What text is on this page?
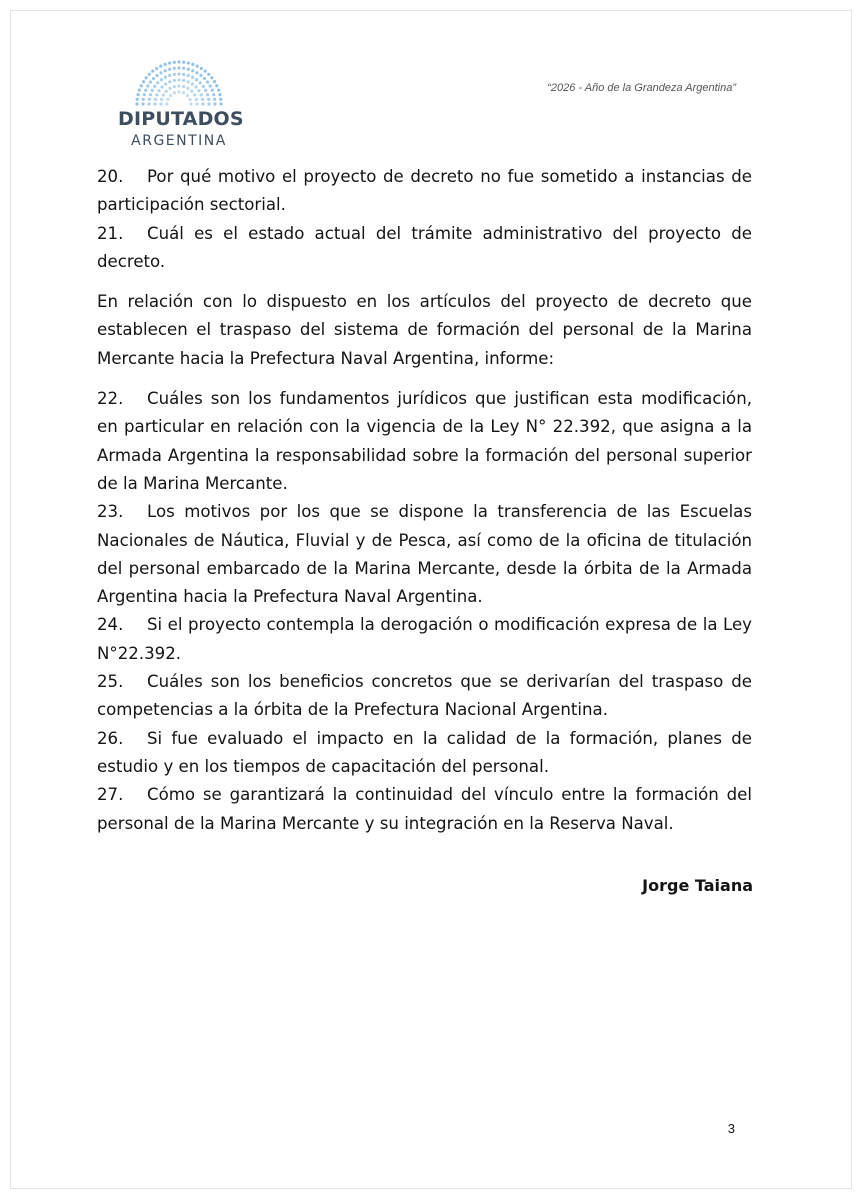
DIPUTADOS
ARGENTINA
“2026 - Año de la Grandeza Argentina”

20. Por qué motivo el proyecto de decreto no fue sometido a instancias de participación sectorial.

21. Cuál es el estado actual del trámite administrativo del proyecto de decreto.

En relación con lo dispuesto en los artículos del proyecto de decreto que establecen el traspaso del sistema de formación del personal de la Marina Mercante hacia la Prefectura Naval Argentina, informe:

22. Cuáles son los fundamentos jurídicos que justifican esta modificación, en particular en relación con la vigencia de la Ley N° 22.392, que asigna a la Armada Argentina la responsabilidad sobre la formación del personal superior de la Marina Mercante.

23. Los motivos por los que se dispone la transferencia de las Escuelas Nacionales de Náutica, Fluvial y de Pesca, así como de la oficina de titulación del personal embarcado de la Marina Mercante, desde la órbita de la Armada Argentina hacia la Prefectura Naval Argentina.

24. Si el proyecto contempla la derogación o modificación expresa de la Ley N°22.392.

25. Cuáles son los beneficios concretos que se derivarían del traspaso de competencias a la órbita de la Prefectura Nacional Argentina.

26. Si fue evaluado el impacto en la calidad de la formación, planes de estudio y en los tiempos de capacitación del personal.

27. Cómo se garantizará la continuidad del vínculo entre la formación del personal de la Marina Mercante y su integración en la Reserva Naval.

Jorge Taiana
3
